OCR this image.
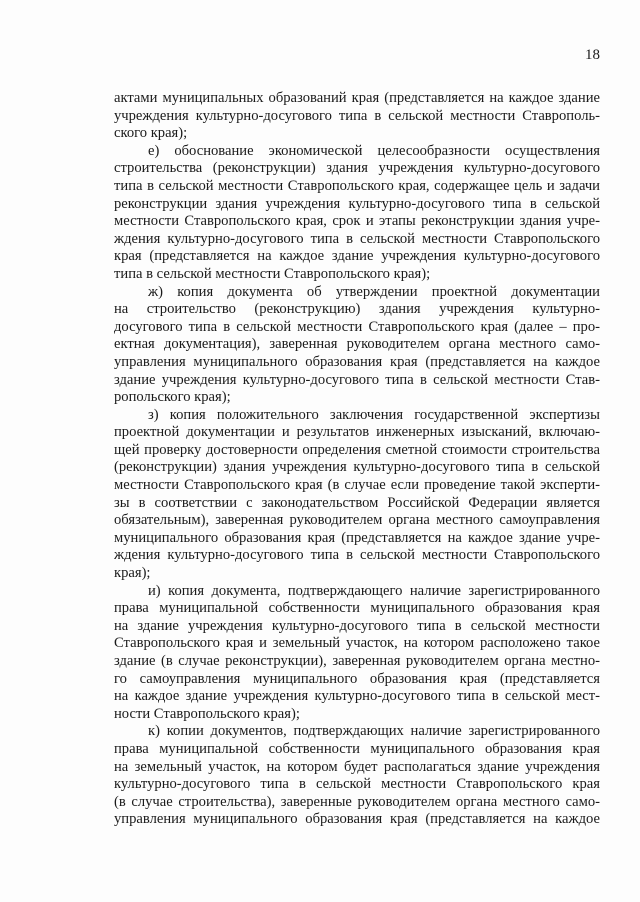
18
актами муниципальных образований края (представляется на каждое здание
учреждения культурно-досугового типа в сельской местности Ставрополь-
ского края);
е) обоснование экономической целесообразности осуществления
строительства (реконструкции) здания учреждения культурно-досугового
типа в сельской местности Ставропольского края, содержащее цель и задачи
реконструкции здания учреждения культурно-досугового типа в сельской
местности Ставропольского края, срок и этапы реконструкции здания учре-
ждения культурно-досугового типа в сельской местности Ставропольского
края (представляется на каждое здание учреждения культурно-досугового
типа в сельской местности Ставропольского края);
ж) копия документа об утверждении проектной документации
на строительство (реконструкцию) здания учреждения культурно-
досугового типа в сельской местности Ставропольского края (далее – про-
ектная документация), заверенная руководителем органа местного само-
управления муниципального образования края (представляется на каждое
здание учреждения культурно-досугового типа в сельской местности Став-
ропольского края);
з) копия положительного заключения государственной экспертизы
проектной документации и результатов инженерных изысканий, включаю-
щей проверку достоверности определения сметной стоимости строительства
(реконструкции) здания учреждения культурно-досугового типа в сельской
местности Ставропольского края (в случае если проведение такой эксперти-
зы в соответствии с законодательством Российской Федерации является
обязательным), заверенная руководителем органа местного самоуправления
муниципального образования края (представляется на каждое здание учре-
ждения культурно-досугового типа в сельской местности Ставропольского
края);
и) копия документа, подтверждающего наличие зарегистрированного
права муниципальной собственности муниципального образования края
на здание учреждения культурно-досугового типа в сельской местности
Ставропольского края и земельный участок, на котором расположено такое
здание (в случае реконструкции), заверенная руководителем органа местно-
го самоуправления муниципального образования края (представляется
на каждое здание учреждения культурно-досугового типа в сельской мест-
ности Ставропольского края);
к) копии документов, подтверждающих наличие зарегистрированного
права муниципальной собственности муниципального образования края
на земельный участок, на котором будет располагаться здание учреждения
культурно-досугового типа в сельской местности Ставропольского края
(в случае строительства), заверенные руководителем органа местного само-
управления муниципального образования края (представляется на каждое
